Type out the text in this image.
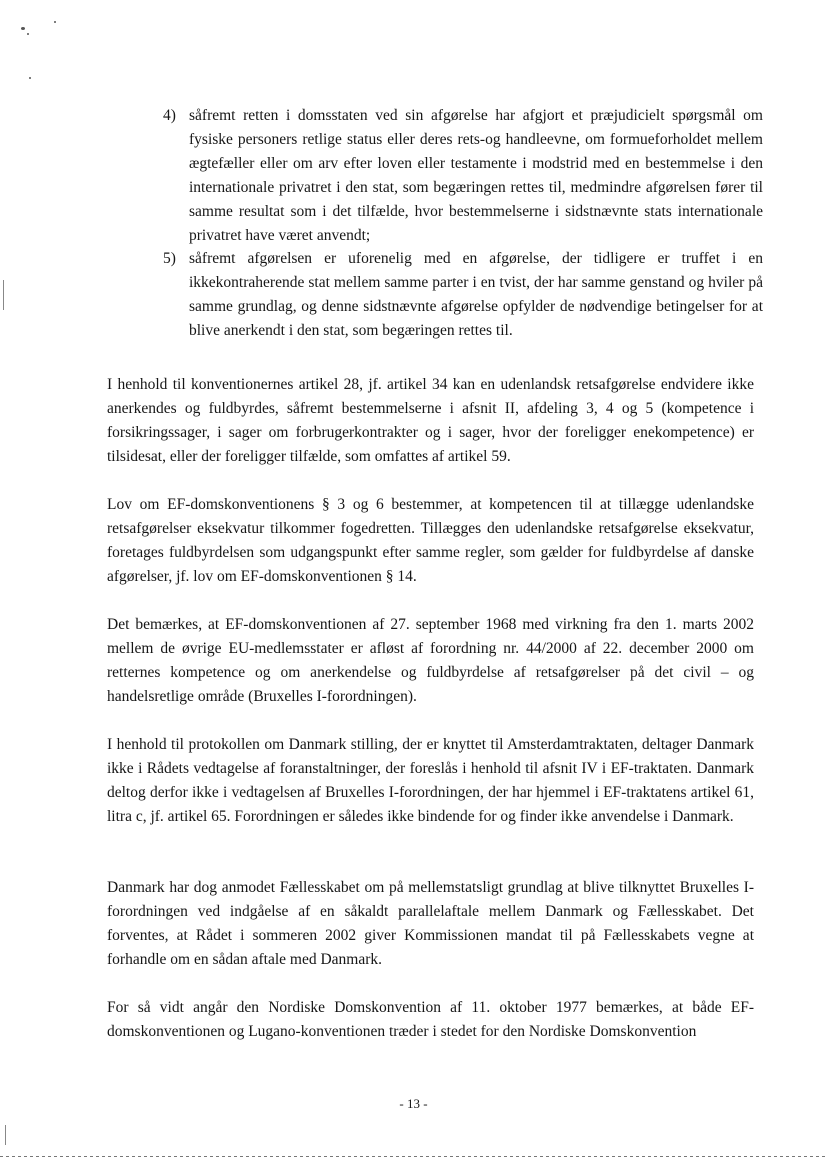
4) såfremt retten i domsstaten ved sin afgørelse har afgjort et præjudicielt spørgsmål om fysiske personers retlige status eller deres rets-og handleevne, om formueforholdet mellem ægtefæller eller om arv efter loven eller testamente i modstrid med en bestemmelse i den internationale privatret i den stat, som begæringen rettes til, medmindre afgørelsen fører til samme resultat som i det tilfælde, hvor bestemmelserne i sidstnævnte stats internationale privatret have været anvendt;
5) såfremt afgørelsen er uforenelig med en afgørelse, der tidligere er truffet i en ikkekontraherende stat mellem samme parter i en tvist, der har samme genstand og hviler på samme grundlag, og denne sidstnævnte afgørelse opfylder de nødvendige betingelser for at blive anerkendt i den stat, som begæringen rettes til.

I henhold til konventionernes artikel 28, jf. artikel 34 kan en udenlandsk retsafgørelse endvidere ikke anerkendes og fuldbyrdes, såfremt bestemmelserne i afsnit II, afdeling 3, 4 og 5 (kompetence i forsikringssager, i sager om forbrugerkontrakter og i sager, hvor der foreligger enekompetence) er tilsidesat, eller der foreligger tilfælde, som omfattes af artikel 59.

Lov om EF-domskonventionens § 3 og 6 bestemmer, at kompetencen til at tillægge udenlandske retsafgørelser eksekvatur tilkommer fogedretten. Tillægges den udenlandske retsafgørelse eksekvatur, foretages fuldbyrdelsen som udgangspunkt efter samme regler, som gælder for fuldbyrdelse af danske afgørelser, jf. lov om EF-domskonventionen § 14.

Det bemærkes, at EF-domskonventionen af 27. september 1968 med virkning fra den 1. marts 2002 mellem de øvrige EU-medlemsstater er afløst af forordning nr. 44/2000 af 22. december 2000 om retternes kompetence og om anerkendelse og fuldbyrdelse af retsafgørelser på det civil – og handelsretlige område (Bruxelles I-forordningen).

I henhold til protokollen om Danmark stilling, der er knyttet til Amsterdamtraktaten, deltager Danmark ikke i Rådets vedtagelse af foranstaltninger, der foreslås i henhold til afsnit IV i EF-traktaten. Danmark deltog derfor ikke i vedtagelsen af Bruxelles I-forordningen, der har hjemmel i EF-traktatens artikel 61, litra c, jf. artikel 65. Forordningen er således ikke bindende for og finder ikke anvendelse i Danmark.

Danmark har dog anmodet Fællesskabet om på mellemstatsligt grundlag at blive tilknyttet Bruxelles I-forordningen ved indgåelse af en såkaldt parallelaftale mellem Danmark og Fællesskabet. Det forventes, at Rådet i sommeren 2002 giver Kommissionen mandat til på Fællesskabets vegne at forhandle om en sådan aftale med Danmark.

For så vidt angår den Nordiske Domskonvention af 11. oktober 1977 bemærkes, at både EF-domskonventionen og Lugano-konventionen træder i stedet for den Nordiske Domskonvention

- 13 -
